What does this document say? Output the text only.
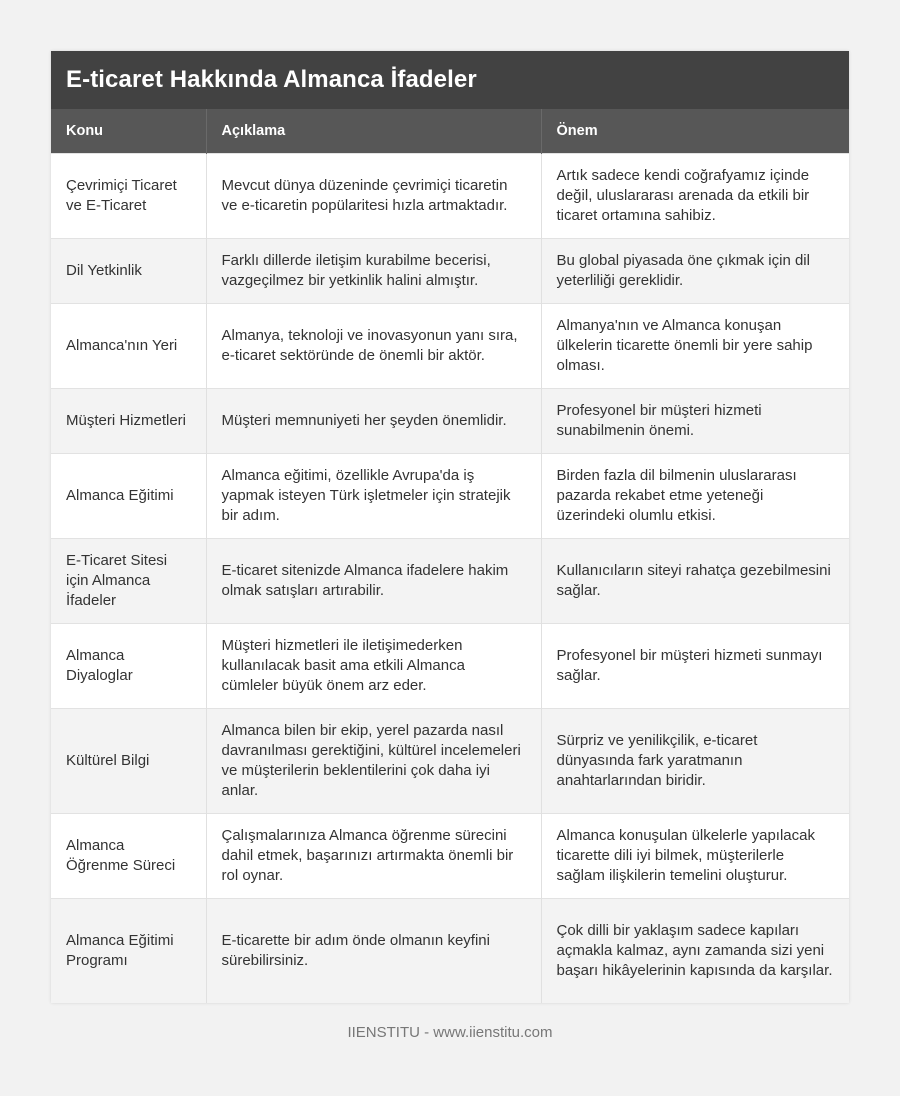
E-ticaret Hakkında Almanca İfadeler
Konu	Açıklama	Önem
Çevrimiçi Ticaret ve E-Ticaret	Mevcut dünya düzeninde çevrimiçi ticaretin ve e-ticaretin popülaritesi hızla artmaktadır.	Artık sadece kendi coğrafyamız içinde değil, uluslararası arenada da etkili bir ticaret ortamına sahibiz.
Dil Yetkinlik	Farklı dillerde iletişim kurabilme becerisi, vazgeçilmez bir yetkinlik halini almıştır.	Bu global piyasada öne çıkmak için dil yeterliliği gereklidir.
Almanca'nın Yeri	Almanya, teknoloji ve inovasyonun yanı sıra, e-ticaret sektöründe de önemli bir aktör.	Almanya'nın ve Almanca konuşan ülkelerin ticarette önemli bir yere sahip olması.
Müşteri Hizmetleri	Müşteri memnuniyeti her şeyden önemlidir.	Profesyonel bir müşteri hizmeti sunabilmenin önemi.
Almanca Eğitimi	Almanca eğitimi, özellikle Avrupa'da iş yapmak isteyen Türk işletmeler için stratejik bir adım.	Birden fazla dil bilmenin uluslararası pazarda rekabet etme yeteneği üzerindeki olumlu etkisi.
E-Ticaret Sitesi için Almanca İfadeler	E-ticaret sitenizde Almanca ifadelere hakim olmak satışları artırabilir.	Kullanıcıların siteyi rahatça gezebilmesini sağlar.
Almanca Diyaloglar	Müşteri hizmetleri ile iletişimederken kullanılacak basit ama etkili Almanca cümleler büyük önem arz eder.	Profesyonel bir müşteri hizmeti sunmayı sağlar.
Kültürel Bilgi	Almanca bilen bir ekip, yerel pazarda nasıl davranılması gerektiğini, kültürel incelemeleri ve müşterilerin beklentilerini çok daha iyi anlar.	Sürpriz ve yenilikçilik, e-ticaret dünyasında fark yaratmanın anahtarlarından biridir.
Almanca Öğrenme Süreci	Çalışmalarınıza Almanca öğrenme sürecini dahil etmek, başarınızı artırmakta önemli bir rol oynar.	Almanca konuşulan ülkelerle yapılacak ticarette dili iyi bilmek, müşterilerle sağlam ilişkilerin temelini oluşturur.
Almanca Eğitimi Programı	E-ticarette bir adım önde olmanın keyfini sürebilirsiniz.	Çok dilli bir yaklaşım sadece kapıları açmakla kalmaz, aynı zamanda sizi yeni başarı hikâyelerinin kapısında da karşılar.
IIENSTITU - www.iienstitu.com
